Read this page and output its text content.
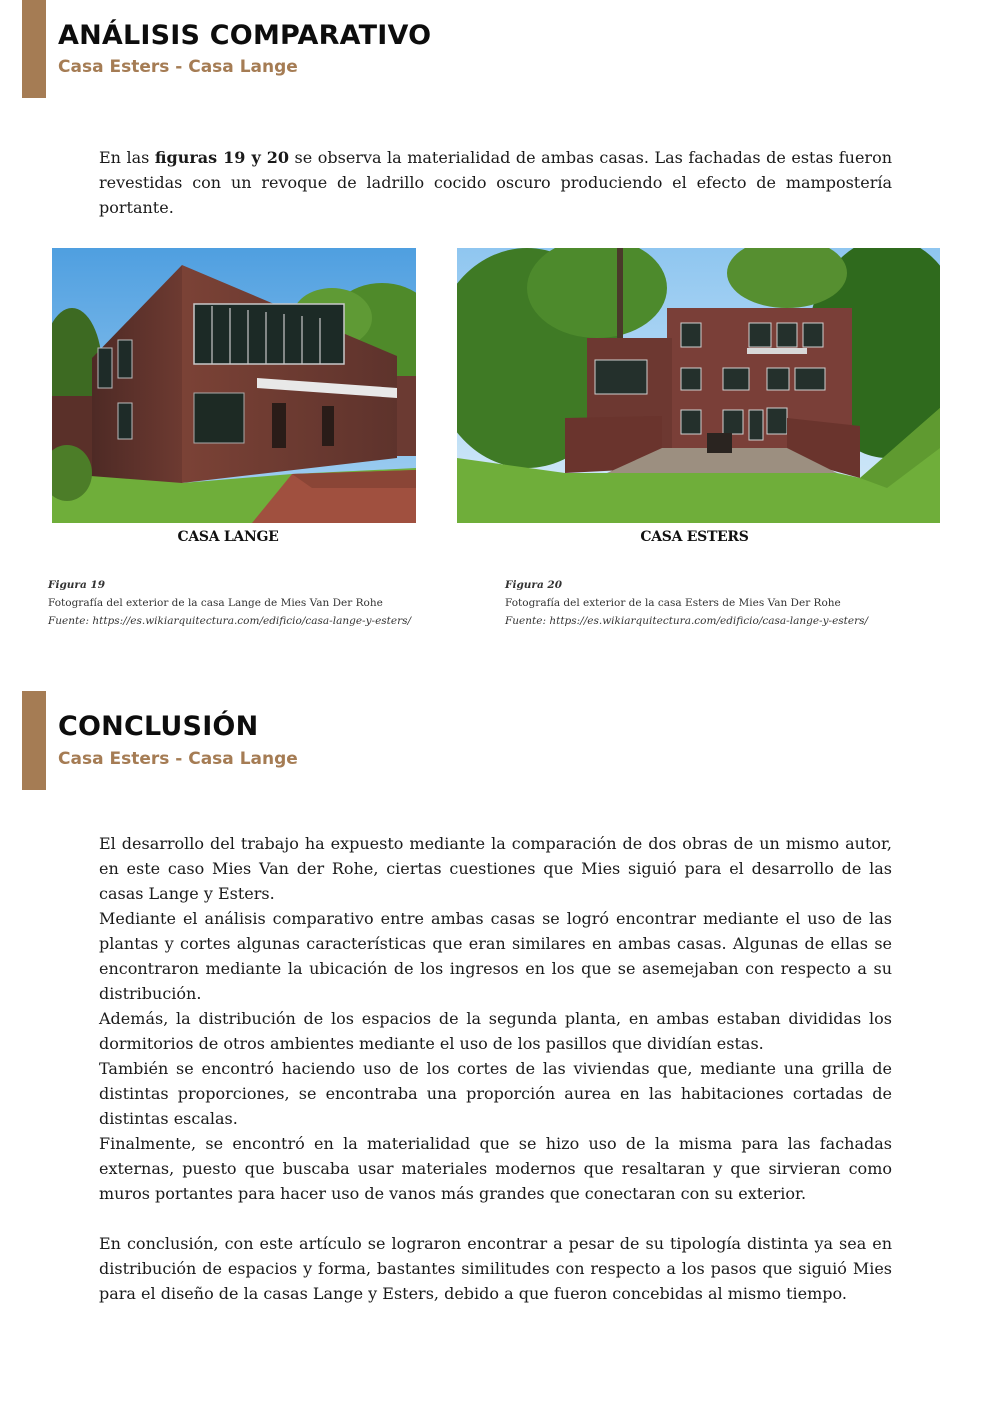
ANÁLISIS COMPARATIVO
Casa Esters - Casa Lange

En las figuras 19 y 20 se observa la materialidad de ambas casas. Las fachadas de estas fueron revestidas con un revoque de ladrillo cocido oscuro produciendo el efecto de mampostería portante.

CASA LANGE	CASA ESTERS
Figura 19
Fotografía del exterior de la casa Lange de Mies Van Der Rohe
Fuente: https://es.wikiarquitectura.com/edificio/casa-lange-y-esters/
Figura 20
Fotografía del exterior de la casa Esters de Mies Van Der Rohe
Fuente: https://es.wikiarquitectura.com/edificio/casa-lange-y-esters/
CONCLUSIÓN
Casa Esters - Casa Lange

El desarrollo del trabajo ha expuesto mediante la comparación de dos obras de un mismo autor, en este caso Mies Van der Rohe, ciertas cuestiones que Mies siguió para el desarrollo de las casas Lange y Esters.

Mediante el análisis comparativo entre ambas casas se logró encontrar mediante el uso de las plantas y cortes algunas características que eran similares en ambas casas. Algunas de ellas se encontraron mediante la ubicación de los ingresos en los que se asemejaban con respecto a su distribución.

Además, la distribución de los espacios de la segunda planta, en ambas estaban divididas los dormitorios de otros ambientes mediante el uso de los pasillos que dividían estas.

También se encontró haciendo uso de los cortes de las viviendas que, mediante una grilla de distintas proporciones, se encontraba una proporción aurea en las habitaciones cortadas de distintas escalas.

Finalmente, se encontró en la materialidad que se hizo uso de la misma para las fachadas externas, puesto que buscaba usar materiales modernos que resaltaran y que sirvieran como muros portantes para hacer uso de vanos más grandes que conectaran con su exterior.

En conclusión, con este artículo se lograron encontrar a pesar de su tipología distinta ya sea en distribución de espacios y forma, bastantes similitudes con respecto a los pasos que siguió Mies para el diseño de la casas Lange y Esters, debido a que fueron concebidas al mismo tiempo.
